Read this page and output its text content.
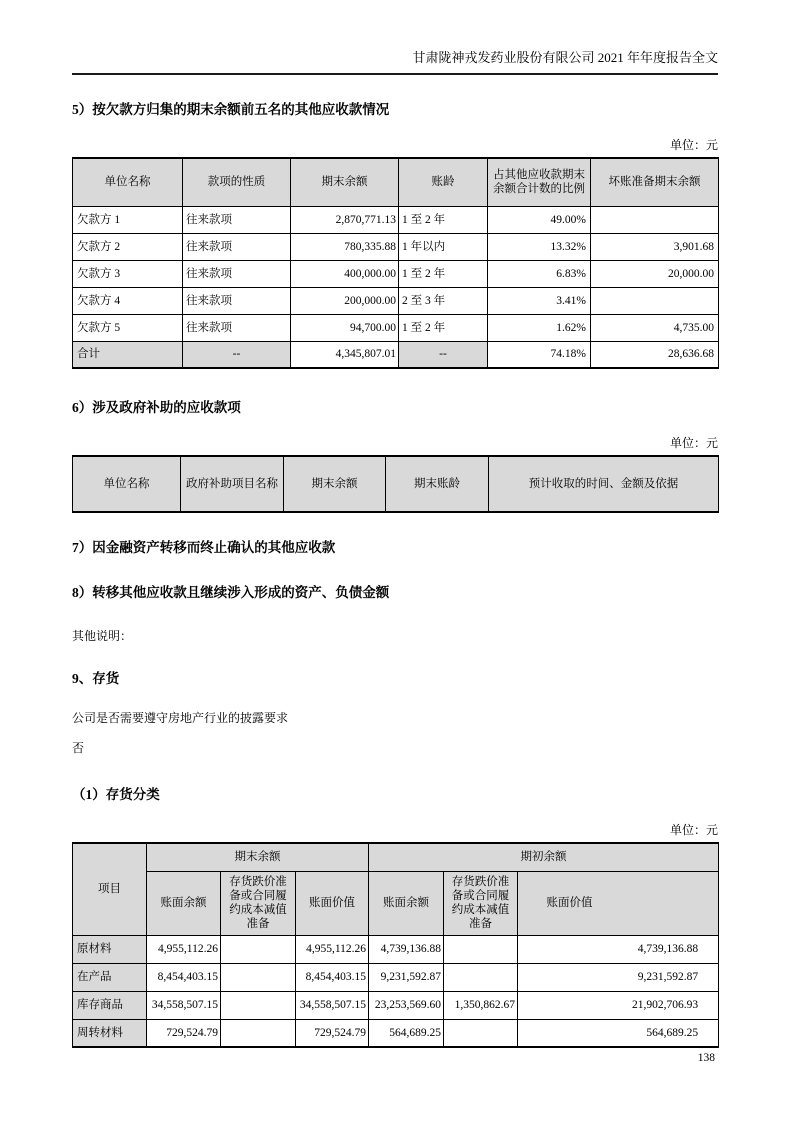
甘肃陇神戎发药业股份有限公司 2021 年年度报告全文
5）按欠款方归集的期末余额前五名的其他应收款情况
单位：元
单位名称	款项的性质	期末余额	账龄	占其他应收款期末余额合计数的比例	坏账准备期末余额
欠款方 1	往来款项	2,870,771.13	1 至 2 年	49.00%	
欠款方 2	往来款项	780,335.88	1 年以内	13.32%	3,901.68
欠款方 3	往来款项	400,000.00	1 至 2 年	6.83%	20,000.00
欠款方 4	往来款项	200,000.00	2 至 3 年	3.41%	
欠款方 5	往来款项	94,700.00	1 至 2 年	1.62%	4,735.00
合计	--	4,345,807.01	--	74.18%	28,636.68
6）涉及政府补助的应收款项
单位：元
单位名称	政府补助项目名称	期末余额	期末账龄	预计收取的时间、金额及依据
7）因金融资产转移而终止确认的其他应收款
8）转移其他应收款且继续涉入形成的资产、负债金额
其他说明：
9、存货
公司是否需要遵守房地产行业的披露要求
否
（1）存货分类
单位：元
项目	期末余额			期初余额		
	账面余额	存货跌价准备或合同履约成本减值准备	账面价值	账面余额	存货跌价准备或合同履约成本减值准备	账面价值
原材料	4,955,112.26		4,955,112.26	4,739,136.88		4,739,136.88
在产品	8,454,403.15		8,454,403.15	9,231,592.87		9,231,592.87
库存商品	34,558,507.15		34,558,507.15	23,253,569.60	1,350,862.67	21,902,706.93
周转材料	729,524.79		729,524.79	564,689.25		564,689.25
138
